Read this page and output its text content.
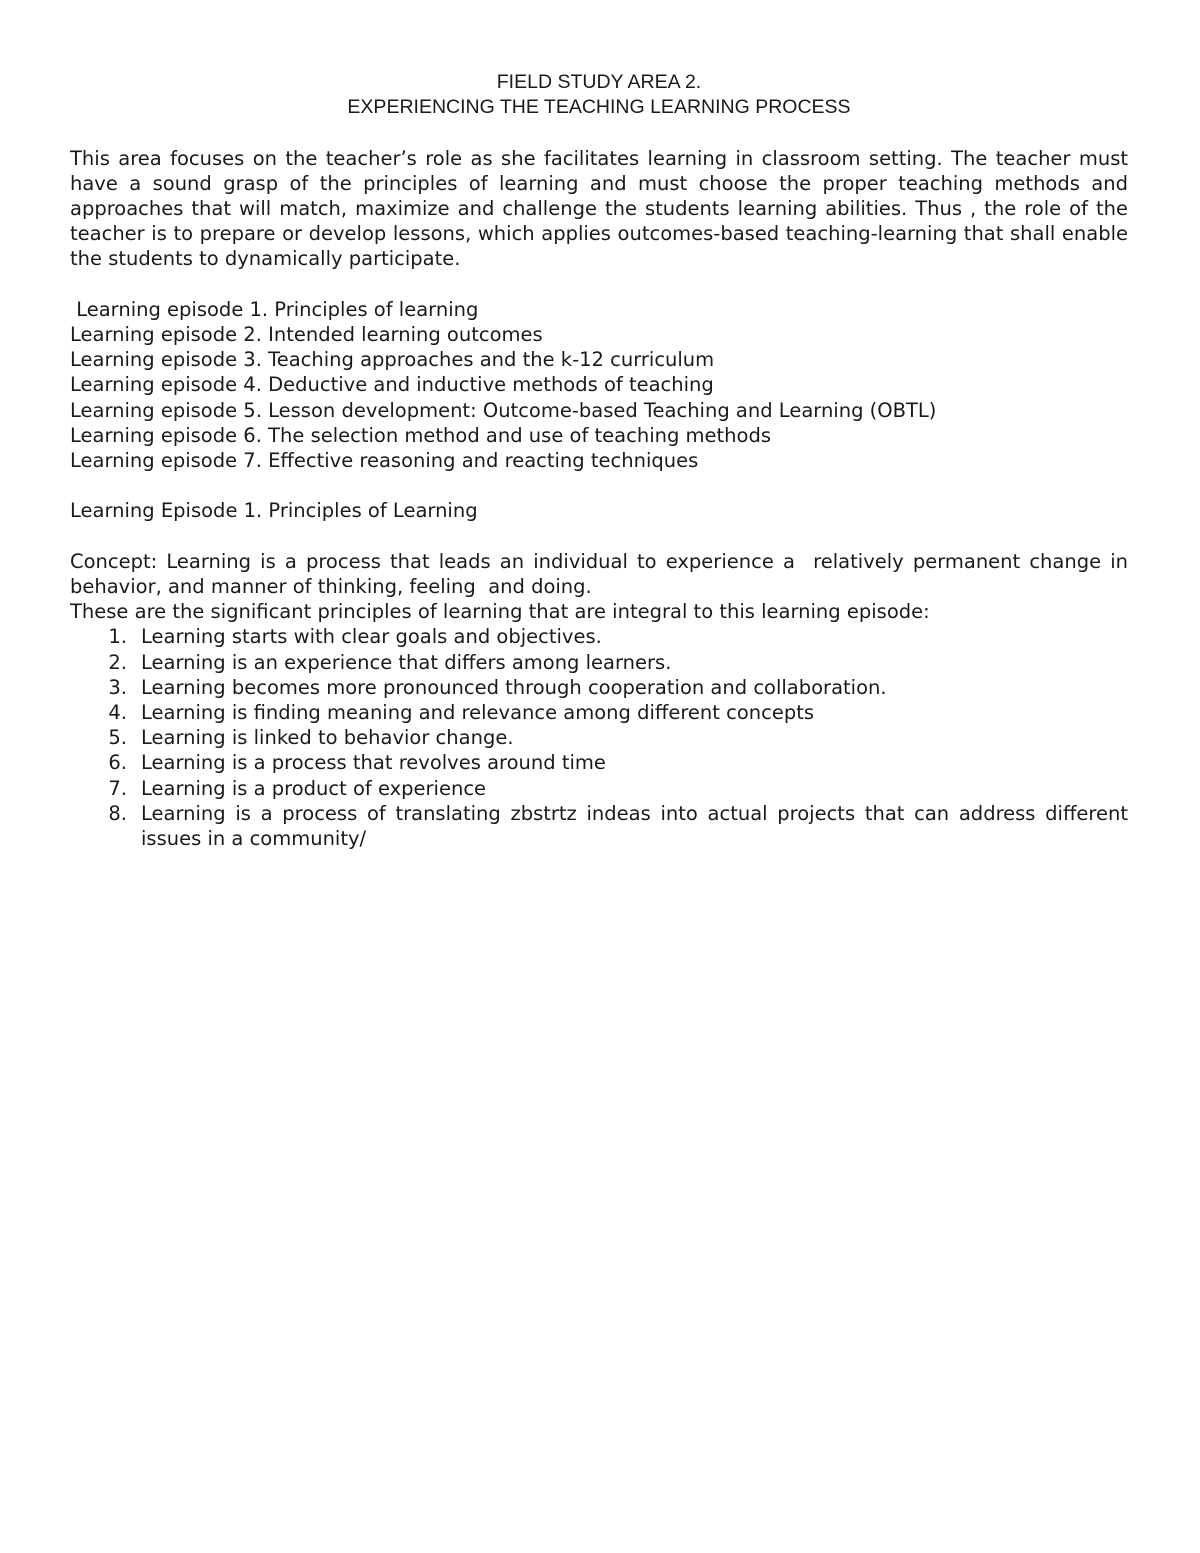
FIELD STUDY AREA 2.

EXPERIENCING THE TEACHING LEARNING PROCESS

This area focuses on the teacher’s role as she facilitates learning in classroom setting. The teacher must have a sound grasp of the principles of learning and must choose the proper teaching methods and approaches that will match, maximize and challenge the students learning abilities. Thus , the role of the teacher is to prepare or develop lessons, which applies outcomes-based teaching-learning that shall enable the students to dynamically participate.

Learning episode 1. Principles of learning
Learning episode 2. Intended learning outcomes
Learning episode 3. Teaching approaches and the k-12 curriculum
Learning episode 4. Deductive and inductive methods of teaching
Learning episode 5. Lesson development: Outcome-based Teaching and Learning (OBTL)
Learning episode 6. The selection method and use of teaching methods
Learning episode 7. Effective reasoning and reacting techniques

Learning Episode 1. Principles of Learning

Concept: Learning is a process that leads an individual to experience a  relatively permanent change in behavior, and manner of thinking, feeling  and doing.

These are the significant principles of learning that are integral to this learning episode:

1. Learning starts with clear goals and objectives.
2. Learning is an experience that differs among learners.
3. Learning becomes more pronounced through cooperation and collaboration.
4. Learning is finding meaning and relevance among different concepts
5. Learning is linked to behavior change.
6. Learning is a process that revolves around time
7. Learning is a product of experience
8. Learning is a process of translating zbstrtz indeas into actual projects that can address different issues in a community/
